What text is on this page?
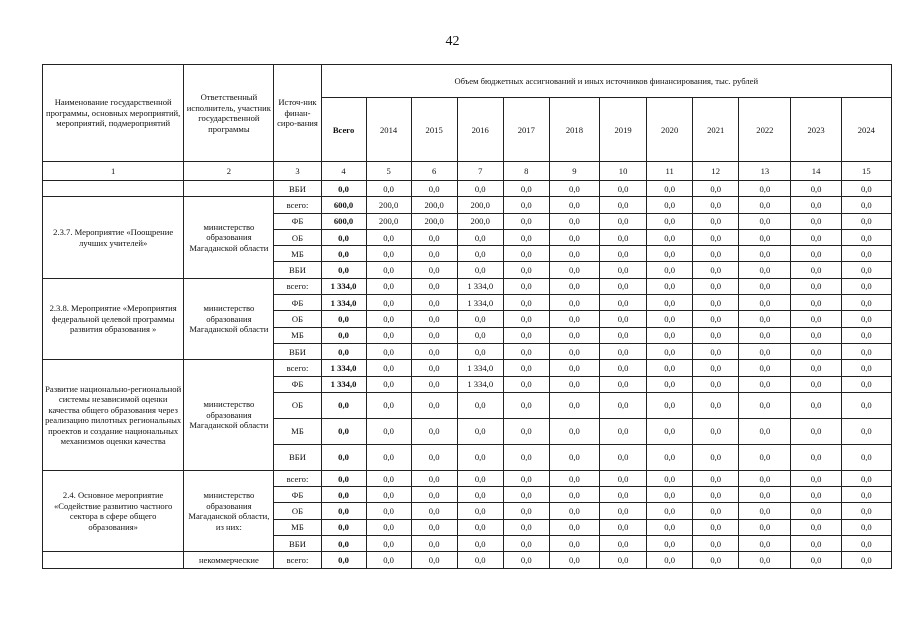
42
Наименование государственной программы, основных мероприятий, мероприятий, подмероприятий	Ответственный исполнитель, участник государственной программы	Источ-ник финан-сиро-вания	Объем бюджетных ассигнований и иных источников финансирования, тыс. рублей											
			Всего	2014	2015	2016	2017	2018	2019	2020	2021	2022	2023	2024
1	2	3	4	5	6	7	8	9	10	11	12	13	14	15
		ВБИ	0,0	0,0	0,0	0,0	0,0	0,0	0,0	0,0	0,0	0,0	0,0	0,0
2.3.7. Мероприятие «Поощрение лучших учителей»	министерство образования Магаданской области	всего:	600,0	200,0	200,0	200,0	0,0	0,0	0,0	0,0	0,0	0,0	0,0	0,0
		ФБ	600,0	200,0	200,0	200,0	0,0	0,0	0,0	0,0	0,0	0,0	0,0	0,0
		ОБ	0,0	0,0	0,0	0,0	0,0	0,0	0,0	0,0	0,0	0,0	0,0	0,0
		МБ	0,0	0,0	0,0	0,0	0,0	0,0	0,0	0,0	0,0	0,0	0,0	0,0
		ВБИ	0,0	0,0	0,0	0,0	0,0	0,0	0,0	0,0	0,0	0,0	0,0	0,0
2.3.8. Мероприятие «Мероприятия федеральной целевой программы развития образования »	министерство образования Магаданской области	всего:	1 334,0	0,0	0,0	1 334,0	0,0	0,0	0,0	0,0	0,0	0,0	0,0	0,0
		ФБ	1 334,0	0,0	0,0	1 334,0	0,0	0,0	0,0	0,0	0,0	0,0	0,0	0,0
		ОБ	0,0	0,0	0,0	0,0	0,0	0,0	0,0	0,0	0,0	0,0	0,0	0,0
		МБ	0,0	0,0	0,0	0,0	0,0	0,0	0,0	0,0	0,0	0,0	0,0	0,0
		ВБИ	0,0	0,0	0,0	0,0	0,0	0,0	0,0	0,0	0,0	0,0	0,0	0,0
Развитие национально-региональной системы независимой оценки качества общего образования через реализацию пилотных региональных проектов и создание национальных механизмов оценки качества	министерство образования Магаданской области	всего:	1 334,0	0,0	0,0	1 334,0	0,0	0,0	0,0	0,0	0,0	0,0	0,0	0,0
		ФБ	1 334,0	0,0	0,0	1 334,0	0,0	0,0	0,0	0,0	0,0	0,0	0,0	0,0
		ОБ	0,0	0,0	0,0	0,0	0,0	0,0	0,0	0,0	0,0	0,0	0,0	0,0
		МБ	0,0	0,0	0,0	0,0	0,0	0,0	0,0	0,0	0,0	0,0	0,0	0,0
		ВБИ	0,0	0,0	0,0	0,0	0,0	0,0	0,0	0,0	0,0	0,0	0,0	0,0
2.4. Основное мероприятие «Содействие развитию частного сектора в сфере общего образования»	министерство образования Магаданской области, из них:	всего:	0,0	0,0	0,0	0,0	0,0	0,0	0,0	0,0	0,0	0,0	0,0	0,0
		ФБ	0,0	0,0	0,0	0,0	0,0	0,0	0,0	0,0	0,0	0,0	0,0	0,0
		ОБ	0,0	0,0	0,0	0,0	0,0	0,0	0,0	0,0	0,0	0,0	0,0	0,0
		МБ	0,0	0,0	0,0	0,0	0,0	0,0	0,0	0,0	0,0	0,0	0,0	0,0
		ВБИ	0,0	0,0	0,0	0,0	0,0	0,0	0,0	0,0	0,0	0,0	0,0	0,0
	некоммерческие	всего:	0,0	0,0	0,0	0,0	0,0	0,0	0,0	0,0	0,0	0,0	0,0	0,0
